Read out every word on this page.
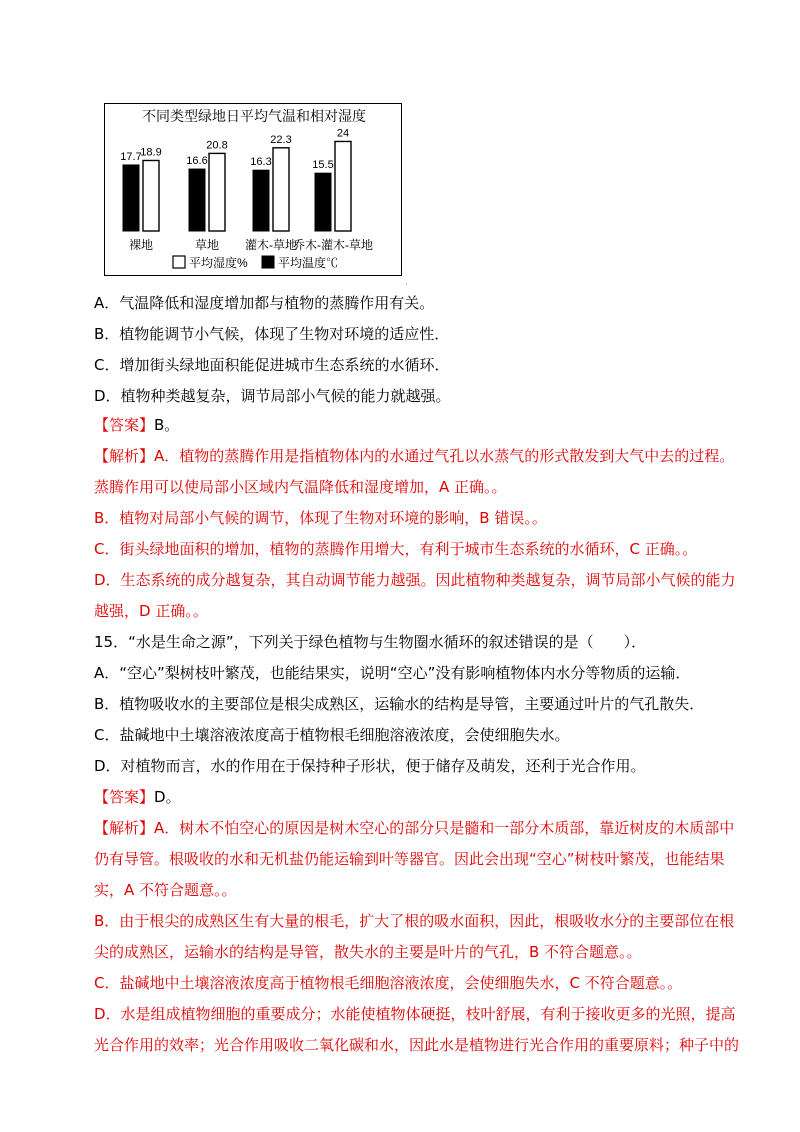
不同类型绿地日平均气温和相对湿度
17.7
18.9
裸地
16.6
20.8
草地
16.3
22.3
灌木-草地
15.5
24
乔木-灌木-草地
平均湿度%	平均温度℃
·
A．气温降低和湿度增加都与植物的蒸腾作用有关。
B．植物能调节小气候，体现了生物对环境的适应性．
C．增加街头绿地面积能促进城市生态系统的水循环．
D．植物种类越复杂，调节局部小气候的能力就越强。
【答案】B。
【解析】A．植物的蒸腾作用是指植物体内的水通过气孔以水蒸气的形式散发到大气中去的过程。
蒸腾作用可以使局部小区域内气温降低和湿度增加，A 正确。。
B．植物对局部小气候的调节，体现了生物对环境的影响，B 错误。。
C．街头绿地面积的增加，植物的蒸腾作用增大，有利于城市生态系统的水循环，C 正确。。
D．生态系统的成分越复杂，其自动调节能力越强。因此植物种类越复杂，调节局部小气候的能力
越强，D 正确。。
15．“水是生命之源”，下列关于绿色植物与生物圈水循环的叙述错误的是（　　）．
A．“空心”梨树枝叶繁茂，也能结果实，说明“空心”没有影响植物体内水分等物质的运输．
B．植物吸收水的主要部位是根尖成熟区，运输水的结构是导管，主要通过叶片的气孔散失．
C．盐碱地中土壤溶液浓度高于植物根毛细胞溶液浓度，会使细胞失水。
D．对植物而言，水的作用在于保持种子形状，便于储存及萌发，还利于光合作用。
【答案】D。
【解析】A．树木不怕空心的原因是树木空心的部分只是髓和一部分木质部，靠近树皮的木质部中
仍有导管。根吸收的水和无机盐仍能运输到叶等器官。因此会出现“空心”树枝叶繁茂，也能结果
实，A 不符合题意。。
B．由于根尖的成熟区生有大量的根毛，扩大了根的吸水面积，因此，根吸收水分的主要部位在根
尖的成熟区，运输水的结构是导管，散失水的主要是叶片的气孔，B 不符合题意。。
C．盐碱地中土壤溶液浓度高于植物根毛细胞溶液浓度，会使细胞失水，C 不符合题意。。
D．水是组成植物细胞的重要成分；水能使植物体硬挺，枝叶舒展，有利于接收更多的光照，提高
光合作用的效率；光合作用吸收二氧化碳和水，因此水是植物进行光合作用的重要原料；种子中的
